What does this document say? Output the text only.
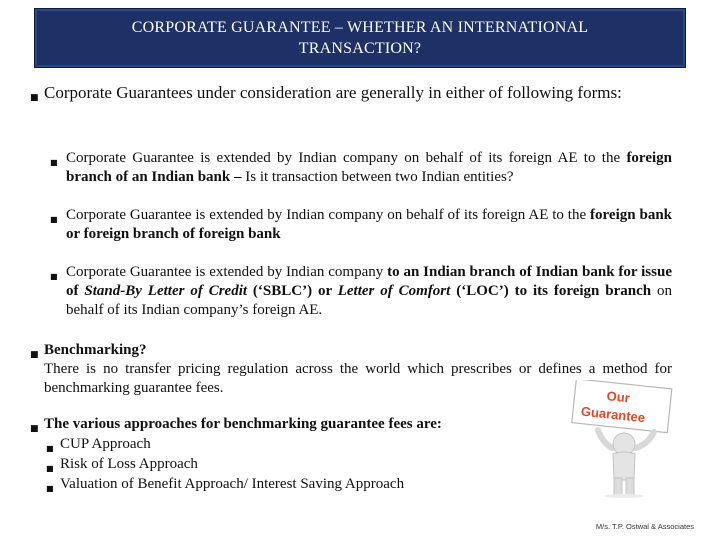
CORPORATE GUARANTEE – WHETHER AN INTERNATIONAL TRANSACTION?
■ Corporate Guarantees under consideration are generally in either of following forms:
■ Corporate Guarantee is extended by Indian company on behalf of its foreign AE to the foreign branch of an Indian bank – Is it transaction between two Indian entities?
■ Corporate Guarantee is extended by Indian company on behalf of its foreign AE to the foreign bank or foreign branch of foreign bank
■ Corporate Guarantee is extended by Indian company to an Indian branch of Indian bank for issue of Stand-By Letter of Credit (‘SBLC’) or Letter of Comfort (‘LOC’) to its foreign branch on behalf of its Indian company’s foreign AE.
■ Benchmarking?
There is no transfer pricing regulation across the world which prescribes or defines a method for benchmarking guarantee fees.
■ The various approaches for benchmarking guarantee fees are:
■ CUP Approach
■ Risk of Loss Approach
■ Valuation of Benefit Approach/ Interest Saving Approach
Our
Guarantee
M/s. T.P. Ostwal & Associates
